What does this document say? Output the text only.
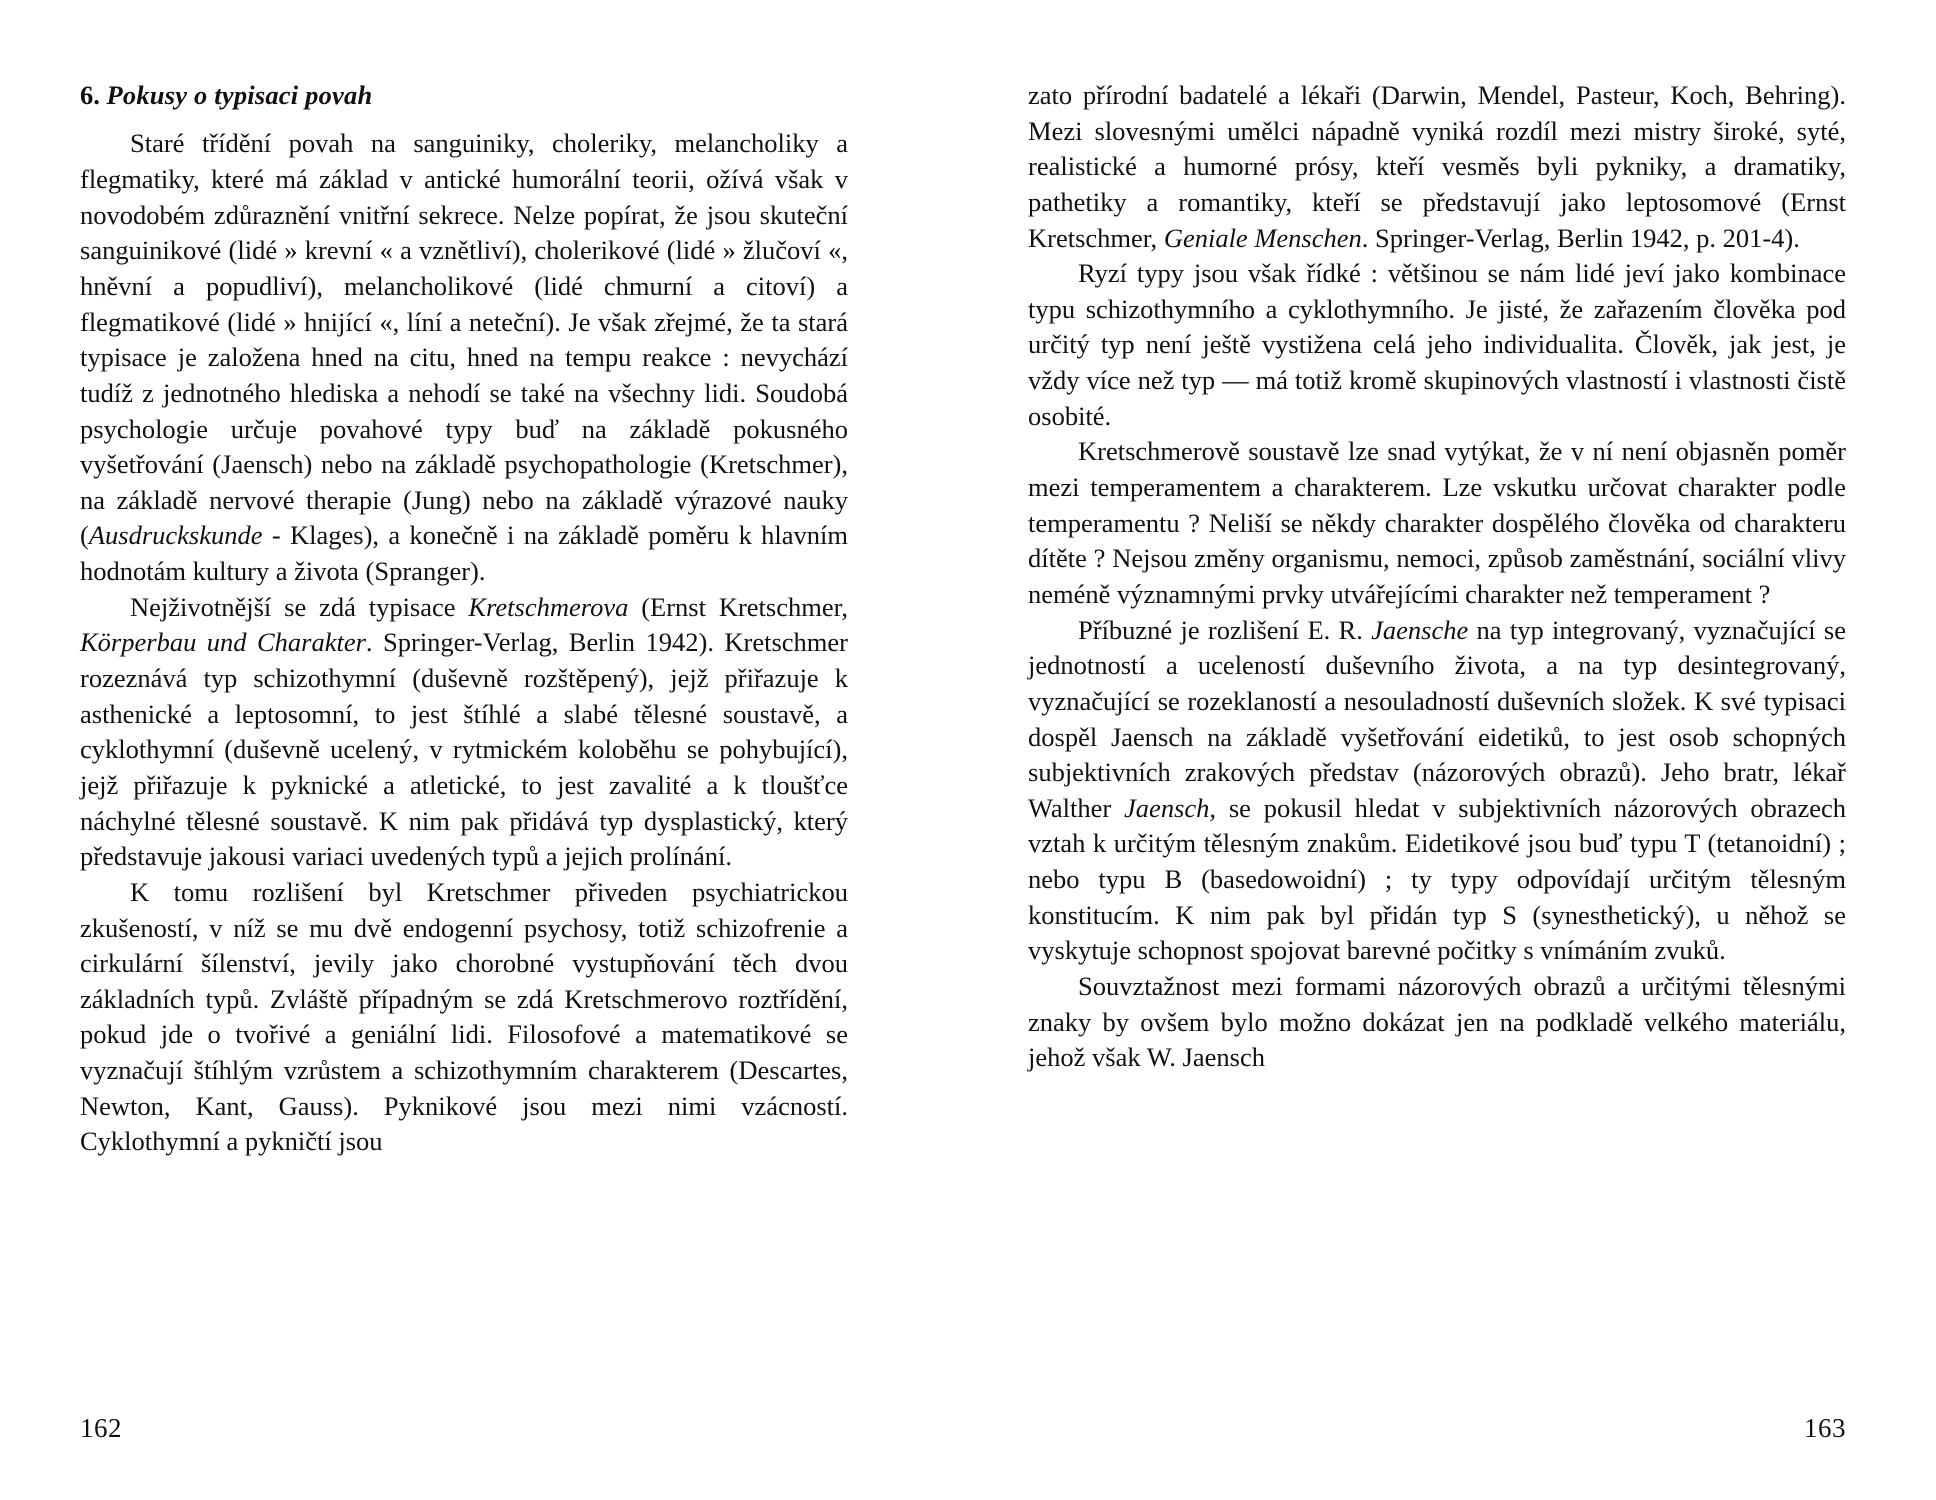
6. Pokusy o typisaci povah

Staré třídění povah na sanguiniky, choleriky, melancholiky a flegmatiky, které má základ v antické humorální teorii, ožívá však v novodobém zdůraznění vnitřní sekrece. Nelze popírat, že jsou skuteční sanguinikové (lidé » krevní « a vznětliví), cholerikové (lidé » žlučoví «, hněvní a popudliví), melancholikové (lidé chmurní a citoví) a flegmatikové (lidé » hnijící «, líní a neteční). Je však zřejmé, že ta stará typisace je založena hned na citu, hned na tempu reakce : nevychází tudíž z jednotného hlediska a nehodí se také na všechny lidi. Soudobá psychologie určuje povahové typy buď na základě pokusného vyšetřování (Jaensch) nebo na základě psychopathologie (Kretschmer), na základě nervové therapie (Jung) nebo na základě výrazové nauky (Ausdruckskunde - Klages), a konečně i na základě poměru k hlavním hodnotám kultury a života (Spranger).

Nejživotnější se zdá typisace Kretschmerova (Ernst Kretschmer, Körperbau und Charakter. Springer-Verlag, Berlin 1942). Kretschmer rozeznává typ schizothymní (duševně rozštěpený), jejž přiřazuje k asthenické a leptosomní, to jest štíhlé a slabé tělesné soustavě, a cyklothymní (duševně ucelený, v rytmickém koloběhu se pohybující), jejž přiřazuje k pyknické a atletické, to jest zavalité a k tloušťce náchylné tělesné soustavě. K nim pak přidává typ dysplastický, který představuje jakousi variaci uvedených typů a jejich prolínání.

K tomu rozlišení byl Kretschmer přiveden psychiatrickou zkušeností, v níž se mu dvě endogenní psychosy, totiž schizofrenie a cirkulární šílenství, jevily jako chorobné vystupňování těch dvou základních typů. Zvláště případným se zdá Kretschmerovo roztřídění, pokud jde o tvořivé a geniální lidi. Filosofové a matematikové se vyznačují štíhlým vzrůstem a schizothymním charakterem (Descartes, Newton, Kant, Gauss). Pyknikové jsou mezi nimi vzácností. Cyklothymní a pykničtí jsou

162

zato přírodní badatelé a lékaři (Darwin, Mendel, Pasteur, Koch, Behring). Mezi slovesnými umělci nápadně vyniká rozdíl mezi mistry široké, syté, realistické a humorné prósy, kteří vesměs byli pykniky, a dramatiky, pathetiky a romantiky, kteří se představují jako leptosomové (Ernst Kretschmer, Geniale Menschen. Springer-Verlag, Berlin 1942, p. 201-4).

Ryzí typy jsou však řídké : většinou se nám lidé jeví jako kombinace typu schizothymního a cyklothymního. Je jisté, že zařazením člověka pod určitý typ není ještě vystižena celá jeho individualita. Člověk, jak jest, je vždy více než typ — má totiž kromě skupinových vlastností i vlastnosti čistě osobité.

Kretschmerově soustavě lze snad vytýkat, že v ní není objasněn poměr mezi temperamentem a charakterem. Lze vskutku určovat charakter podle temperamentu ? Neliší se někdy charakter dospělého člověka od charakteru dítěte ? Nejsou změny organismu, nemoci, způsob zaměstnání, sociální vlivy neméně významnými prvky utvářejícími charakter než temperament ?

Příbuzné je rozlišení E. R. Jaensche na typ integrovaný, vyznačující se jednotností a uceleností duševního života, a na typ desintegrovaný, vyznačující se rozeklaností a nesouladností duševních složek. K své typisaci dospěl Jaensch na základě vyšetřování eidetiků, to jest osob schopných subjektivních zrakových představ (názorových obrazů). Jeho bratr, lékař Walther Jaensch, se pokusil hledat v subjektivních názorových obrazech vztah k určitým tělesným znakům. Eidetikové jsou buď typu T (tetanoidní) ; nebo typu B (basedowoidní) ; ty typy odpovídají určitým tělesným konstitucím. K nim pak byl přidán typ S (synesthetický), u něhož se vyskytuje schopnost spojovat barevné počitky s vnímáním zvuků.

Souvztažnost mezi formami názorových obrazů a určitými tělesnými znaky by ovšem bylo možno dokázat jen na podkladě velkého materiálu, jehož však W. Jaensch

163
